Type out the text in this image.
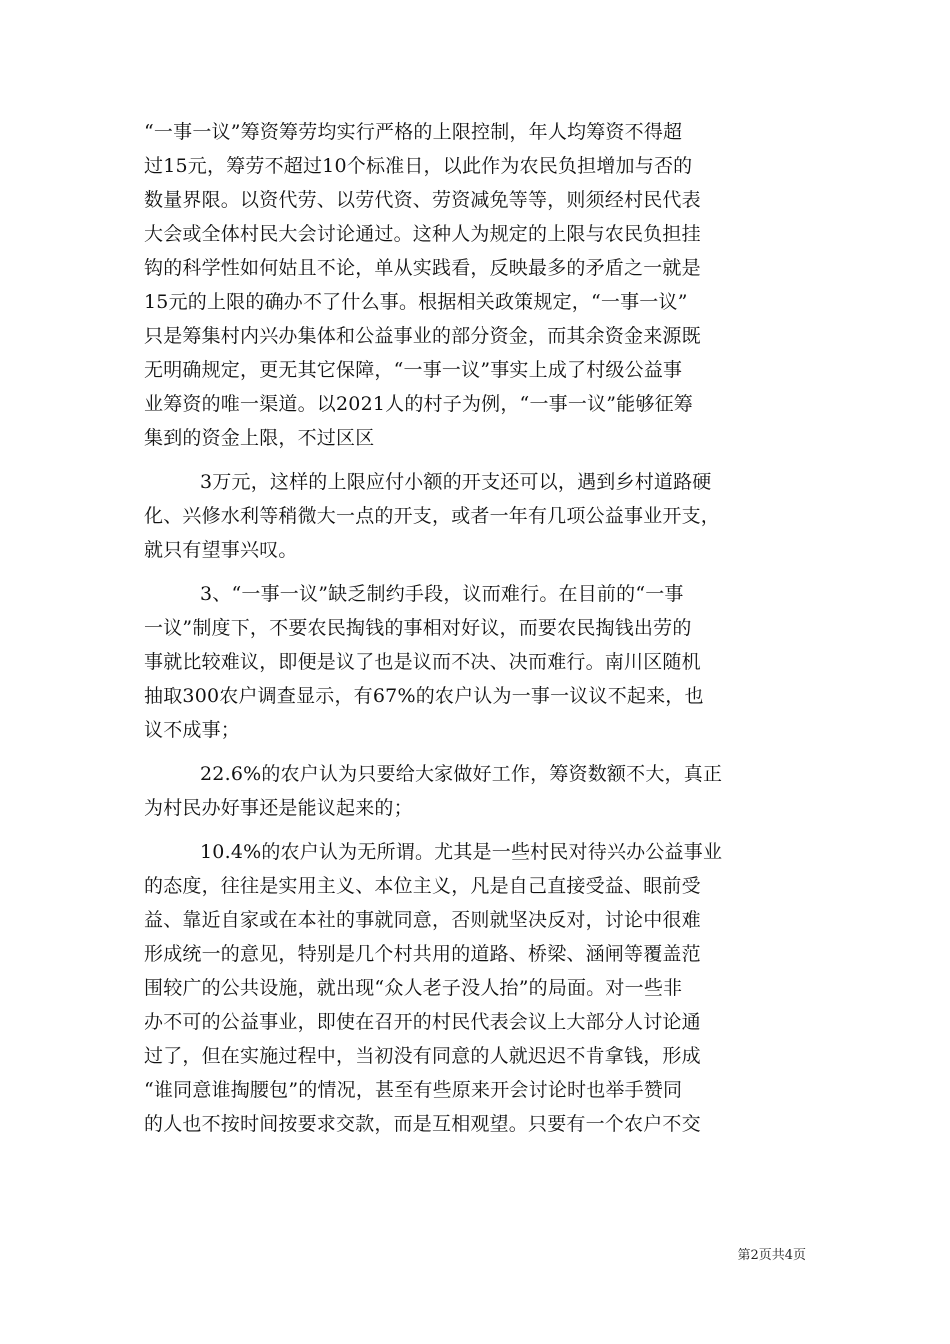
“一事一议”筹资筹劳均实行严格的上限控制，年人均筹资不得超
过15元，筹劳不超过10个标准日，以此作为农民负担增加与否的
数量界限。以资代劳、以劳代资、劳资减免等等，则须经村民代表
大会或全体村民大会讨论通过。这种人为规定的上限与农民负担挂
钩的科学性如何姑且不论，单从实践看，反映最多的矛盾之一就是
15元的上限的确办不了什么事。根据相关政策规定，“一事一议”
只是筹集村内兴办集体和公益事业的部分资金，而其余资金来源既
无明确规定，更无其它保障，“一事一议”事实上成了村级公益事
业筹资的唯一渠道。以2021人的村子为例，“一事一议”能够征筹
集到的资金上限，不过区区
3万元，这样的上限应付小额的开支还可以，遇到乡村道路硬
化、兴修水利等稍微大一点的开支，或者一年有几项公益事业开支，
就只有望事兴叹。
3、“一事一议”缺乏制约手段，议而难行。在目前的“一事
一议”制度下，不要农民掏钱的事相对好议，而要农民掏钱出劳的
事就比较难议，即便是议了也是议而不决、决而难行。南川区随机
抽取300农户调查显示，有67%的农户认为一事一议议不起来，也
议不成事；
22.6%的农户认为只要给大家做好工作，筹资数额不大，真正
为村民办好事还是能议起来的；
10.4%的农户认为无所谓。尤其是一些村民对待兴办公益事业
的态度，往往是实用主义、本位主义，凡是自己直接受益、眼前受
益、靠近自家或在本社的事就同意，否则就坚决反对，讨论中很难
形成统一的意见，特别是几个村共用的道路、桥梁、涵闸等覆盖范
围较广的公共设施，就出现“众人老子没人抬”的局面。对一些非
办不可的公益事业，即使在召开的村民代表会议上大部分人讨论通
过了，但在实施过程中，当初没有同意的人就迟迟不肯拿钱，形成
“谁同意谁掏腰包”的情况，甚至有些原来开会讨论时也举手赞同
的人也不按时间按要求交款，而是互相观望。只要有一个农户不交
第2页共4页
